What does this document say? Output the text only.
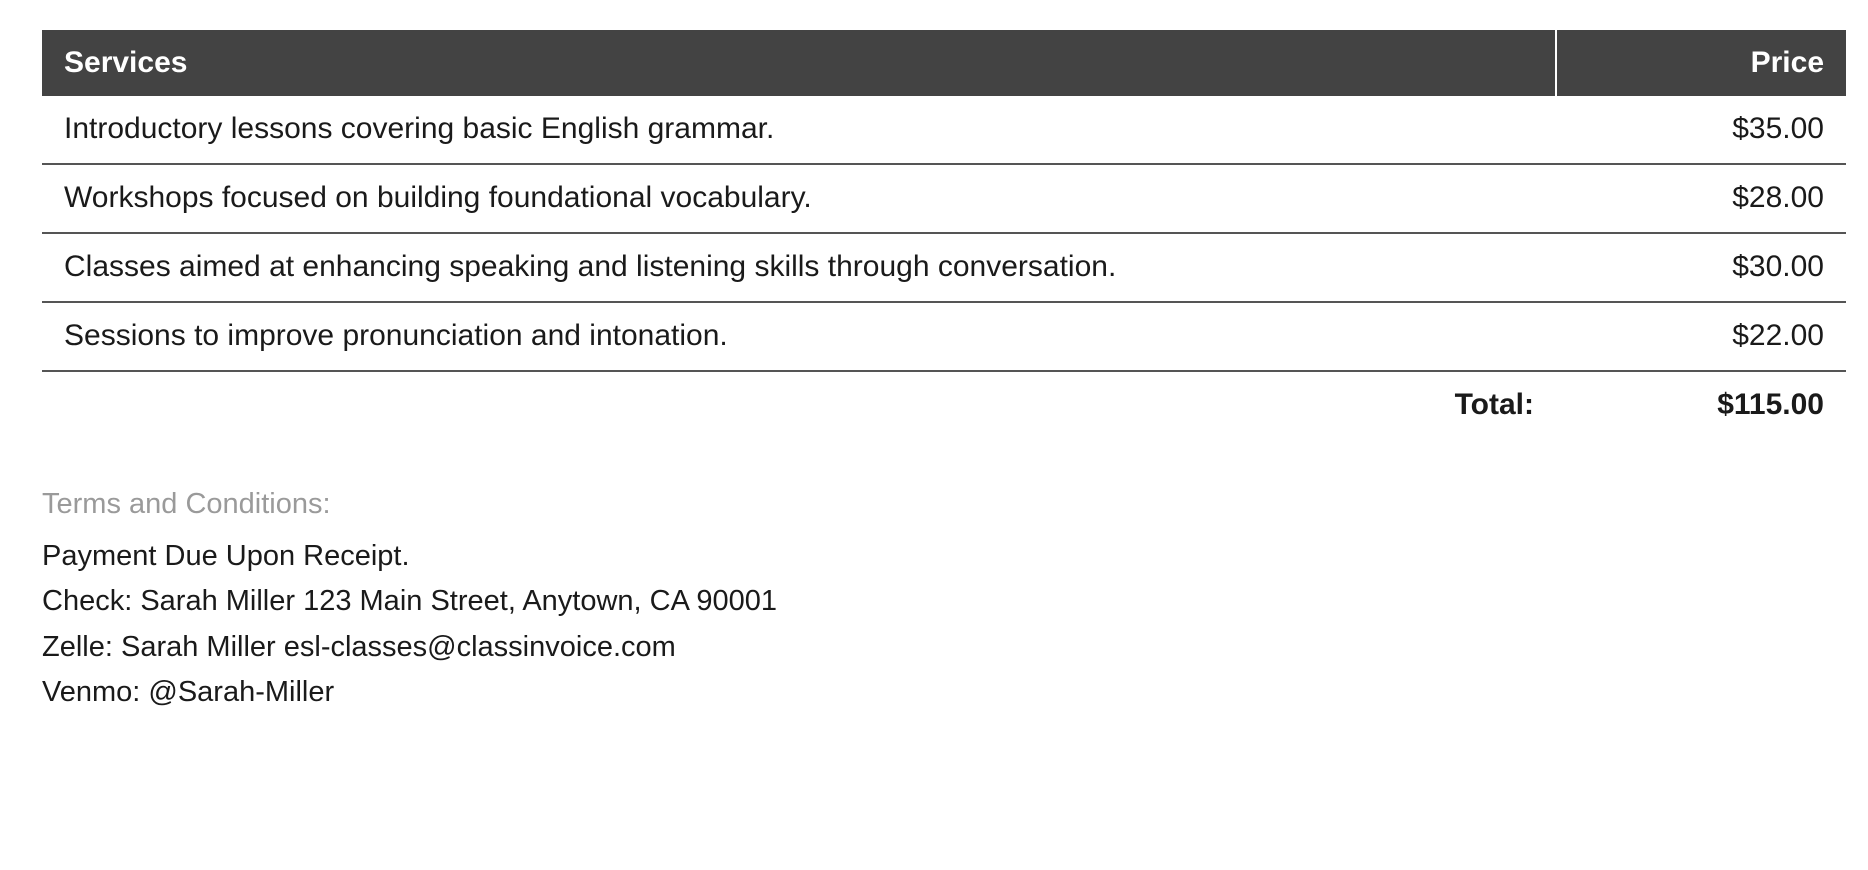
Services	Price
Introductory lessons covering basic English grammar.	$35.00
Workshops focused on building foundational vocabulary.	$28.00
Classes aimed at enhancing speaking and listening skills through conversation.	$30.00
Sessions to improve pronunciation and intonation.	$22.00
Total:	$115.00
Terms and Conditions:
Payment Due Upon Receipt.
Check: Sarah Miller 123 Main Street, Anytown, CA 90001
Zelle: Sarah Miller esl-classes@classinvoice.com
Venmo: @Sarah-Miller
